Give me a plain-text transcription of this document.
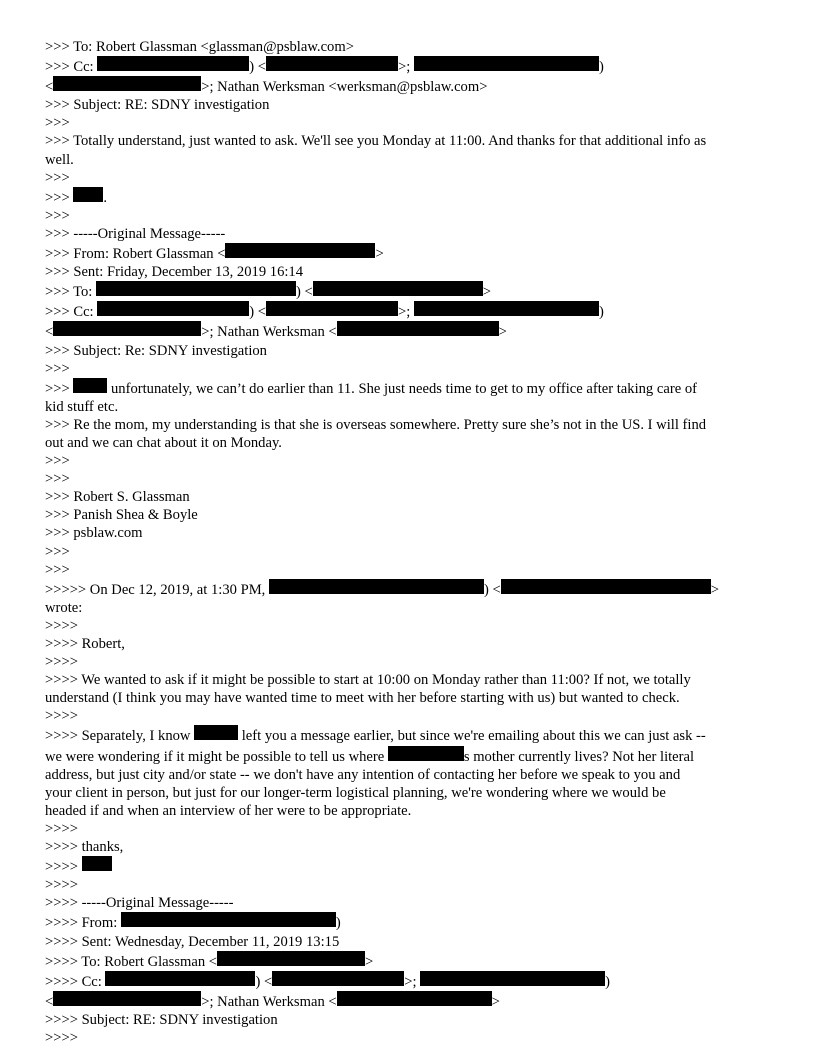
>>> To: Robert Glassman <glassman@psblaw.com>
>>> Cc:	) <	>;	)
<	>; Nathan Werksman <werksman@psblaw.com>
>>> Subject: RE: SDNY investigation
>>>
>>> Totally understand, just wanted to ask. We'll see you Monday at 11:00. And thanks for that additional info as
well.
>>>
>>> .
>>>
>>> -----Original Message-----
>>> From: Robert Glassman <	>
>>> Sent: Friday, December 13, 2019 16:14
>>> To:	) <	>
>>> Cc:	) <	>;	)
<	>; Nathan Werksman <	>
>>> Subject: Re: SDNY investigation
>>>
>>>  unfortunately, we can’t do earlier than 11. She just needs time to get to my office after taking care of
kid stuff etc.
>>> Re the mom, my understanding is that she is overseas somewhere. Pretty sure she’s not in the US. I will find
out and we can chat about it on Monday.
>>>
>>>
>>> Robert S. Glassman
>>> Panish Shea & Boyle
>>> psblaw.com
>>>
>>>
>>>>> On Dec 12, 2019, at 1:30 PM,	) <	>
wrote:
>>>>
>>>> Robert,
>>>>
>>>> We wanted to ask if it might be possible to start at 10:00 on Monday rather than 11:00? If not, we totally
understand (I think you may have wanted time to meet with her before starting with us) but wanted to check.
>>>>
>>>> Separately, I know	left you a message earlier, but since we're emailing about this we can just ask --
we were wondering if it might be possible to tell us where	s mother currently lives? Not her literal
address, but just city and/or state -- we don't have any intention of contacting her before we speak to you and
your client in person, but just for our longer-term logistical planning, we're wondering where we would be
headed if and when an interview of her were to be appropriate.
>>>>
>>>> thanks,
>>>>
>>>>
>>>> -----Original Message-----
>>>> From:	)
>>>> Sent: Wednesday, December 11, 2019 13:15
>>>> To: Robert Glassman <	>
>>>> Cc:	) <	>;	)
<	>; Nathan Werksman <	>
>>>> Subject: RE: SDNY investigation
>>>>
